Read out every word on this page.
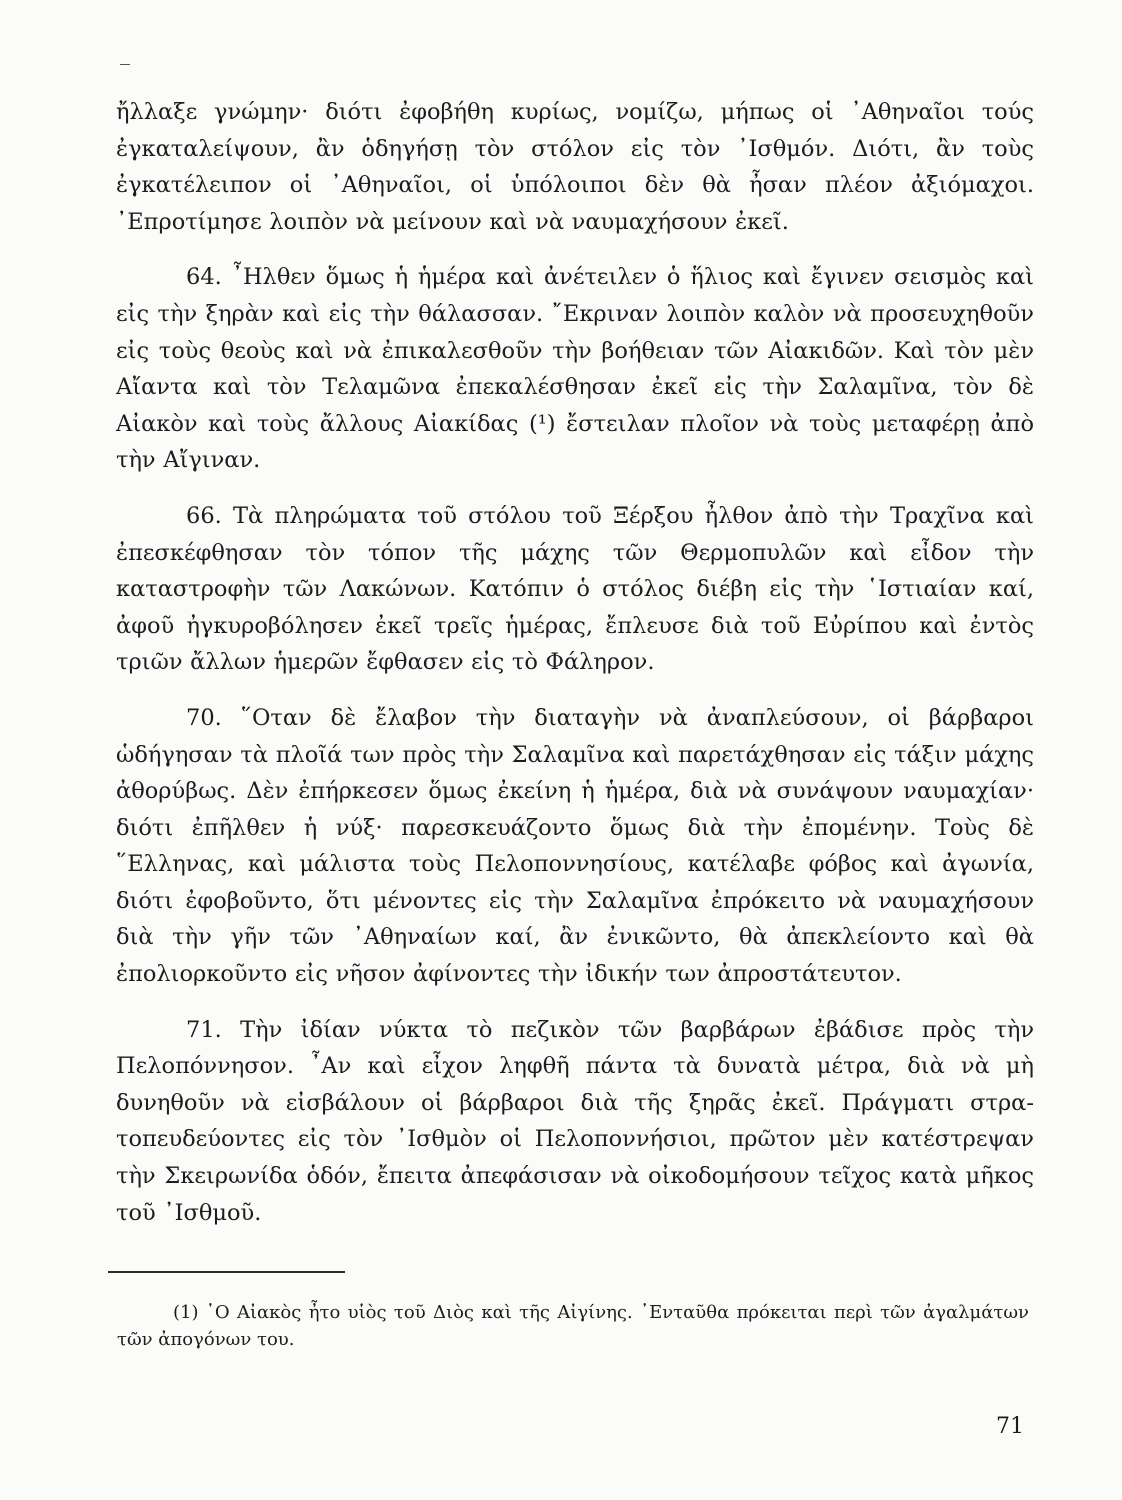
ἤλλαξε γνώμην· διότι ἐφοβήθη κυρίως, νομίζω, μήπως οἱ ᾿Αθηναῖοι τούς ἐγκαταλείψουν, ἂν ὁδηγήσῃ τὸν στόλον εἰς τὸν ᾿Ισθμόν. Διότι, ἂν τοὺς ἐγκατέλειπον οἱ ᾿Αθηναῖοι, οἱ ὑπόλοιποι δὲν θὰ ἦσαν πλέον ἀξιόμαχοι. ᾿Επροτίμησε λοιπὸν νὰ μείνουν καὶ νὰ ναυμαχήσουν ἐκεῖ.

64. ῏Ηλθεν ὅμως ἡ ἡμέρα καὶ ἀνέτειλεν ὁ ἥλιος καὶ ἔγινεν σεισμὸς καὶ εἰς τὴν ξηρὰν καὶ εἰς τὴν θάλασσαν. ῎Εκριναν λοιπὸν καλὸν νὰ προσευχηθοῦν εἰς τοὺς θεοὺς καὶ νὰ ἐπικαλεσθοῦν τὴν βοήθειαν τῶν Αἰακιδῶν. Καὶ τὸν μὲν Αἴαντα καὶ τὸν Τελαμῶνα ἐπεκαλέσθησαν ἐκεῖ εἰς τὴν Σαλαμῖνα, τὸν δὲ Αἰακὸν καὶ τοὺς ἄλλους Αἰακίδας (¹) ἔστειλαν πλοῖον νὰ τοὺς μεταφέρῃ ἀπὸ τὴν Αἴγιναν.

66. Τὰ πληρώματα τοῦ στόλου τοῦ Ξέρξου ἦλθον ἀπὸ τὴν Τραχῖνα καὶ ἐπεσκέφθησαν τὸν τόπον τῆς μάχης τῶν Θερμοπυλῶν καὶ εἶδον τὴν καταστροφὴν τῶν Λακώνων. Κατόπιν ὁ στόλος διέβη εἰς τὴν ῾Ιστιαίαν καί, ἀφοῦ ἠγκυροβόλησεν ἐκεῖ τρεῖς ἡμέρας, ἔπλευσε διὰ τοῦ Εὐρίπου καὶ ἐντὸς τριῶν ἄλλων ἡμερῶν ἔφθασεν εἰς τὸ Φάληρον.

70. ῞Οταν δὲ ἔλαβον τὴν διαταγὴν νὰ ἀναπλεύσουν, οἱ βάρβαροι ὡδήγησαν τὰ πλοῖά των πρὸς τὴν Σαλαμῖνα καὶ παρετάχθησαν εἰς τάξιν μάχης ἀθορύβως. Δὲν ἐπήρκεσεν ὅμως ἐκείνη ἡ ἡμέρα, διὰ νὰ συνάψουν ναυμαχίαν· διότι ἐπῆλθεν ἡ νύξ· παρεσκευάζοντο ὅμως διὰ τὴν ἐπομένην. Τοὺς δὲ ῞Ελληνας, καὶ μάλιστα τοὺς Πελοποννησίους, κατέλαβε φόβος καὶ ἀγωνία, διότι ἐφοβοῦντο, ὅτι μένοντες εἰς τὴν Σαλαμῖνα ἐπρόκειτο νὰ ναυμαχήσουν διὰ τὴν γῆν τῶν ᾿Αθηναίων καί, ἂν ἐνικῶντο, θὰ ἀπεκλείοντο καὶ θὰ ἐπολιορκοῦντο εἰς νῆσον ἀφίνοντες τὴν ἰδικήν των ἀπροστάτευτον.

71. Τὴν ἰδίαν νύκτα τὸ πεζικὸν τῶν βαρβάρων ἐβάδισε πρὸς τὴν Πελοπόννησον. ῏Αν καὶ εἶχον ληφθῆ πάντα τὰ δυνατὰ μέτρα, διὰ νὰ μὴ δυνηθοῦν νὰ εἰσβάλουν οἱ βάρβαροι διὰ τῆς ξηρᾶς ἐκεῖ. Πράγματι στρατοπευδεύοντες εἰς τὸν ᾿Ισθμὸν οἱ Πελοποννήσιοι, πρῶτον μὲν κατέστρεψαν τὴν Σκειρωνίδα ὁδόν, ἔπειτα ἀπεφάσισαν νὰ οἰκοδομήσουν τεῖχος κατὰ μῆκος τοῦ ᾿Ισθμοῦ.

(1) ῾Ο Αἰακὸς ἦτο υἱὸς τοῦ Διὸς καὶ τῆς Αἰγίνης. ᾿Ενταῦθα πρόκειται περὶ τῶν ἀγαλμάτων τῶν ἀπογόνων του.

71
